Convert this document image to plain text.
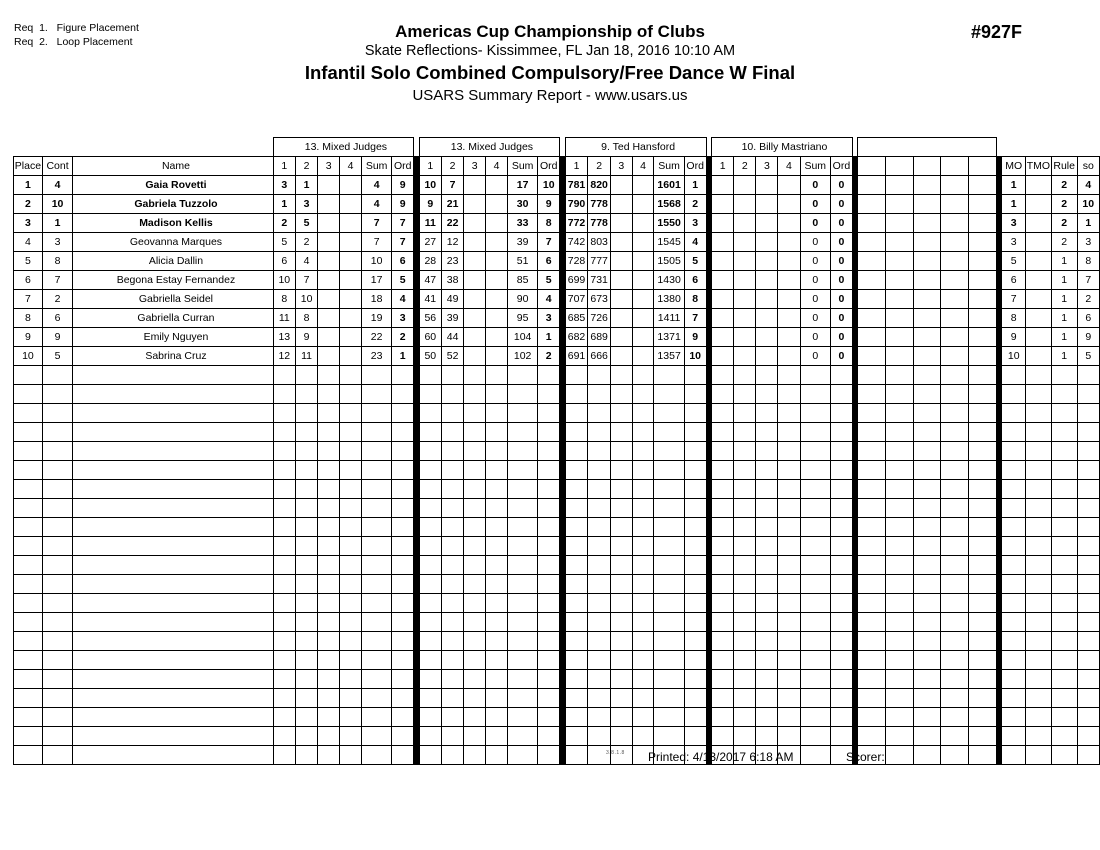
Req  1.   Figure Placement
Req  2.   Loop Placement
Americas Cup Championship of Clubs
Skate Reflections- Kissimmee, FL Jan 18, 2016 10:10 AM
Infantil Solo Combined Compulsory/Free Dance W Final
USARS Summary Report - www.usars.us
#927F
			13. Mixed Judges							13. Mixed Judges							9. Ted Hansford							10. Billy Mastriano																
Place	Cont	Name	1	2	3	4	Sum	Ord		1	2	3	4	Sum	Ord		1	2	3	4	Sum	Ord		1	2	3	4	Sum	Ord								MO	TMO	Rule	so
1	4	Gaia Rovetti	3	1			4	9		10	7			17	10		781	820			1601	1						0	0								1		2	4
2	10	Gabriela Tuzzolo	1	3			4	9		9	21			30	9		790	778			1568	2						0	0								1		2	10
3	1	Madison Kellis	2	5			7	7		11	22			33	8		772	778			1550	3						0	0								3		2	1
4	3	Geovanna Marques	5	2			7	7		27	12			39	7		742	803			1545	4						0	0								3		2	3
5	8	Alicia Dallin	6	4			10	6		28	23			51	6		728	777			1505	5						0	0								5		1	8
6	7	Begona Estay Fernandez	10	7			17	5		47	38			85	5		699	731			1430	6						0	0								6		1	7
7	2	Gabriella Seidel	8	10			18	4		41	49			90	4		707	673			1380	8						0	0								7		1	2
8	6	Gabriella Curran	11	8			19	3		56	39			95	3		685	726			1411	7						0	0								8		1	6
9	9	Emily Nguyen	13	9			22	2		60	44			104	1		682	689			1371	9						0	0								9		1	9
10	5	Sabrina Cruz	12	11			23	1		50	52			102	2		691	666			1357	10						0	0								10		1	5

3.8.1.8 Printed: 4/13/2017 6:18 AM	Scorer:
